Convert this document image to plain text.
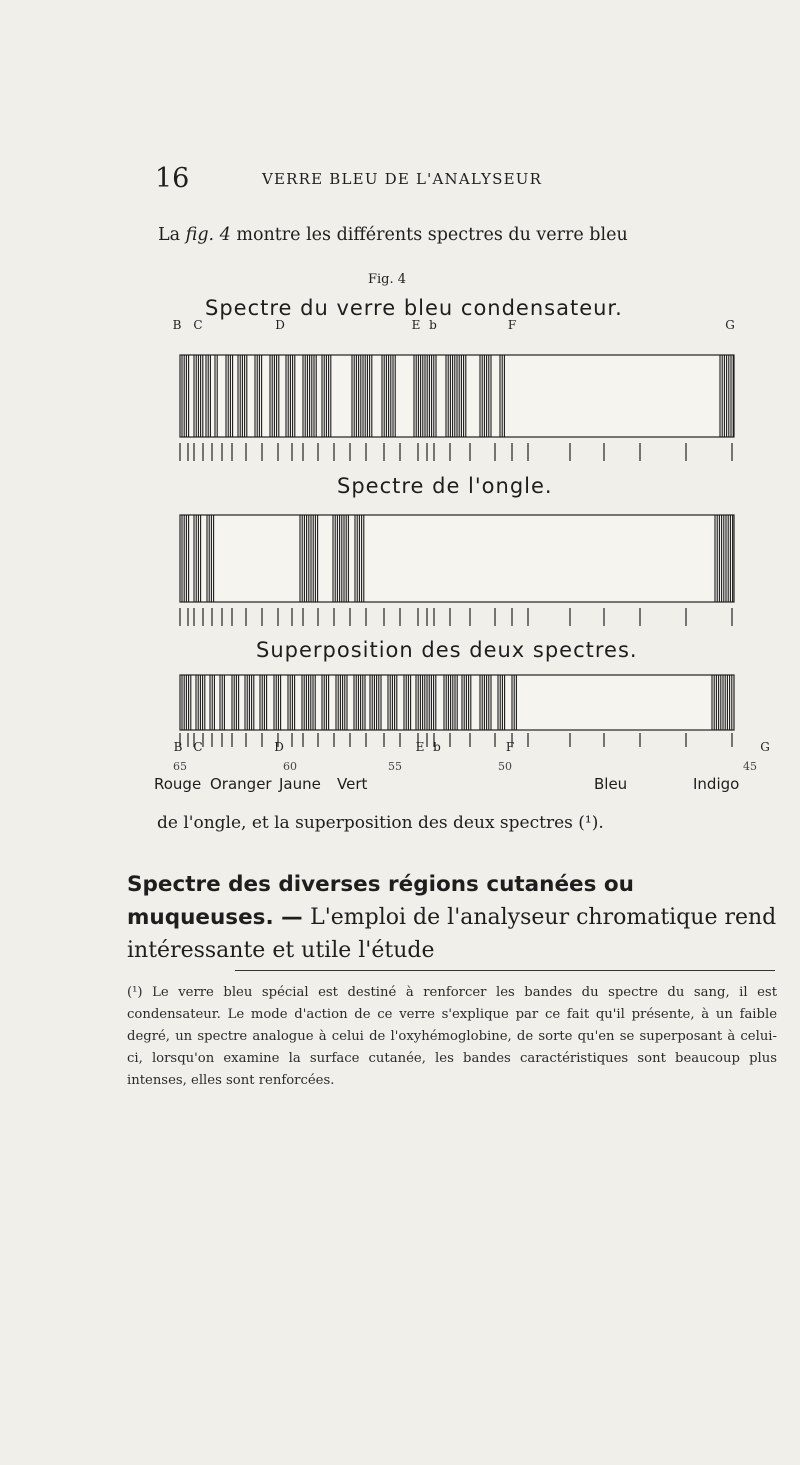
16	VERRE BLEU DE L'ANALYSEUR
La fig. 4 montre les différents spectres du verre bleu
Fig. 4
Spectre du verre bleu condensateur.
Spectre de l'ongle.
Superposition des deux spectres.
B C	D	E b	F	G
B C	D	E b	F	G
65	60	55	50	45
Rouge Oranger Jaune Vert	Bleu	Indigo
de l'ongle, et la superposition des deux spectres (¹).
Spectre des diverses régions cutanées ou muqueuses. — L'emploi de l'analyseur chromatique rend intéressante et utile l'étude
(¹) Le verre bleu spécial est destiné à renforcer les bandes du spectre du sang, il est condensateur. Le mode d'action de ce verre s'explique par ce fait qu'il présente, à un faible degré, un spectre analogue à celui de l'oxyhémoglobine, de sorte qu'en se superposant à celui-ci, lorsqu'on examine la surface cutanée, les bandes caractéristiques sont beaucoup plus intenses, elles sont renforcées.
